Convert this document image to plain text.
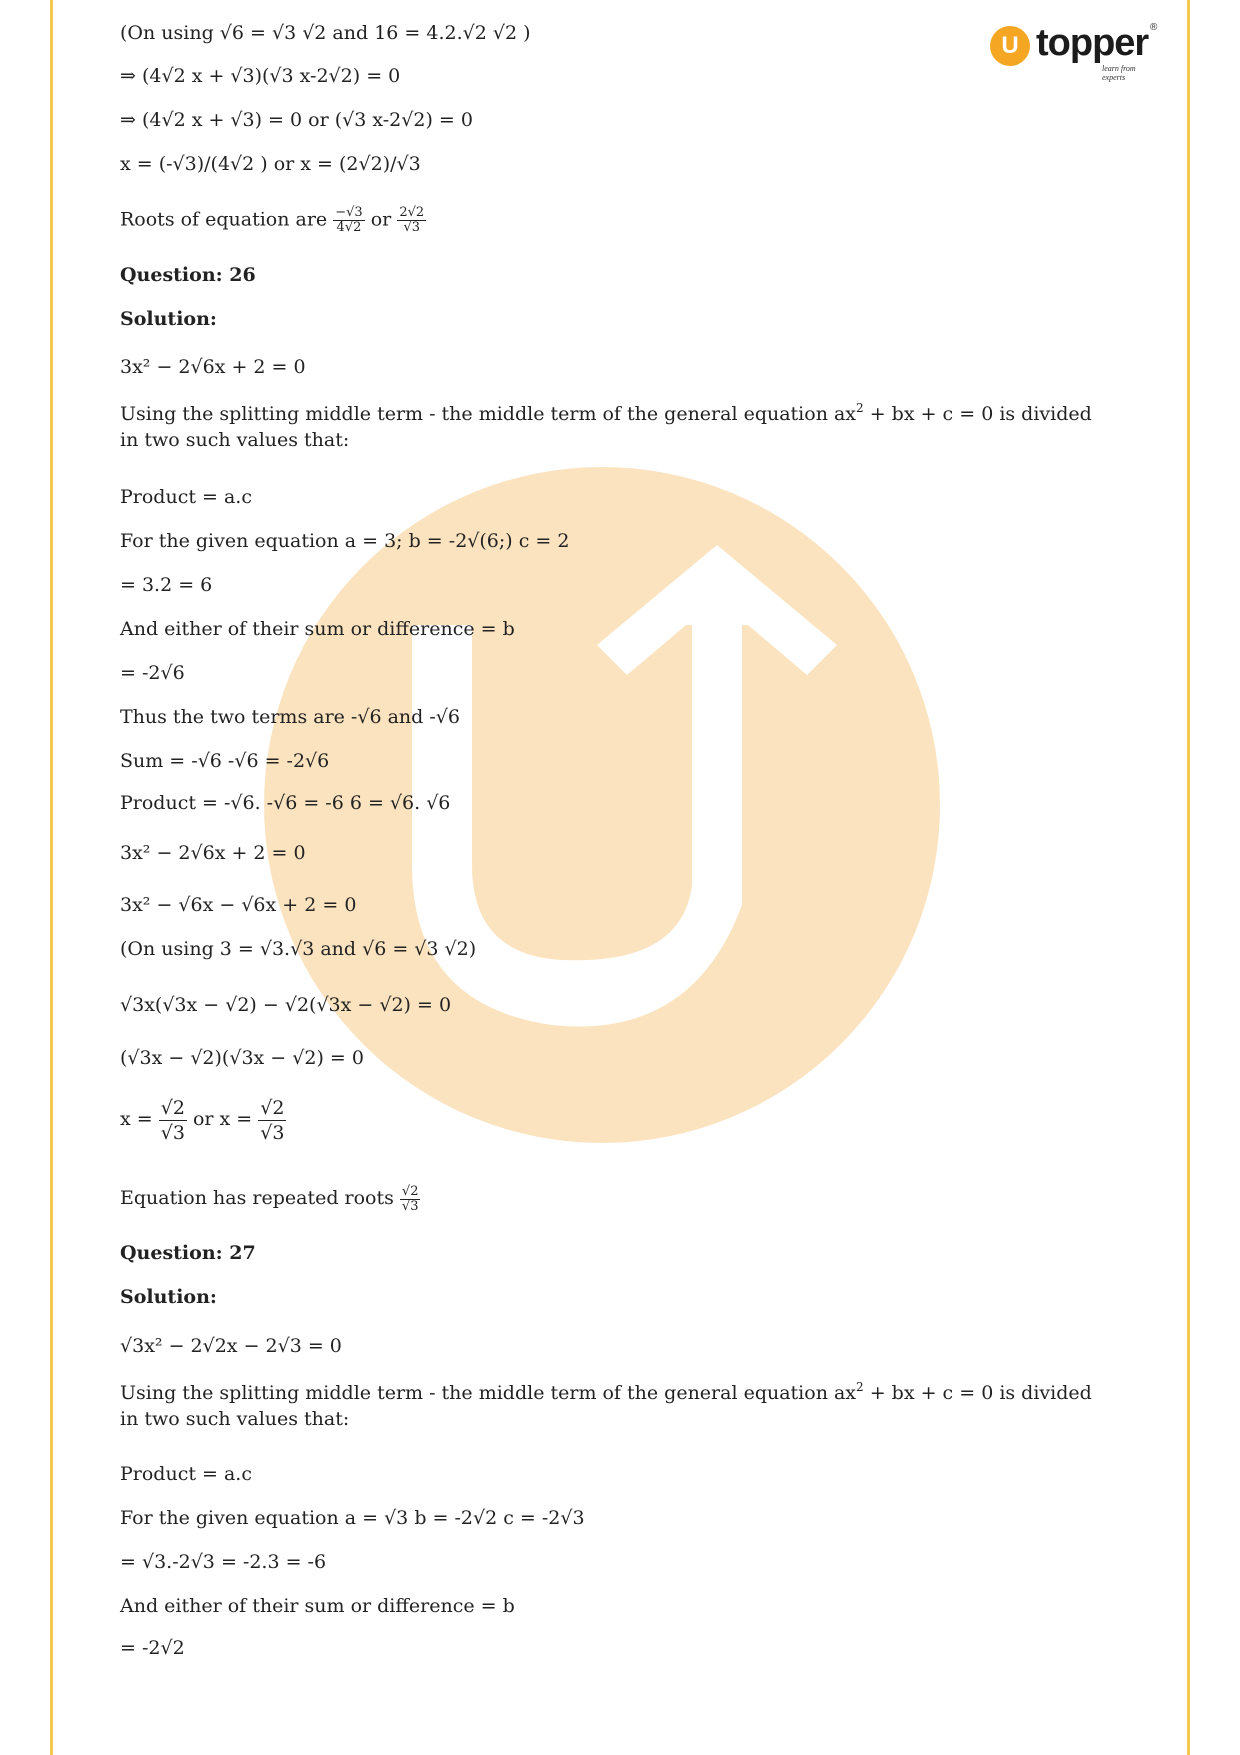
U topper ®
learn from experts
(On using √6 = √3 √2 and 16 = 4.2.√2 √2 )
⇒ (4√2 x + √3)(√3 x-2√2) = 0
⇒ (4√2 x + √3) = 0 or (√3 x-2√2) = 0
x = (-√3)/(4√2 ) or x = (2√2)/√3
Roots of equation are $\frac{-√3}{4√2}$ or $\frac{2√2}{√3}$
Question: 26
Solution:
3x² − 2√6x + 2 = 0
Using the splitting middle term - the middle term of the general equation $ax^2$ + bx + c = 0 is divided in two such values that:
Product = a.c
For the given equation a = 3; b = -2√(6;) c = 2
= 3.2 = 6
And either of their sum or difference = b
= -2√6
Thus the two terms are -√6 and -√6
Sum = -√6 -√6 = -2√6
Product = -√6. -√6 = -6 6 = √6. √6
3x² − 2√6x + 2 = 0
3x² − √6x − √6x + 2 = 0
(On using 3 = √3.√3 and √6 = √3 √2)
√3x(√3x − √2) − √2(√3x − √2) = 0
(√3x − √2)(√3x − √2) = 0
$x = \frac{√2}{√3}$ or $x = \frac{√2}{√3}$
Equation has repeated roots $\frac{√2}{√3}$
Question: 27
Solution:
√3x² − 2√2x − 2√3 = 0
Using the splitting middle term - the middle term of the general equation $ax^2$ + bx + c = 0 is divided in two such values that:
Product = a.c
For the given equation a = √3 b = -2√2 c = -2√3
= √3.-2√3 = -2.3 = -6
And either of their sum or difference = b
= -2√2
